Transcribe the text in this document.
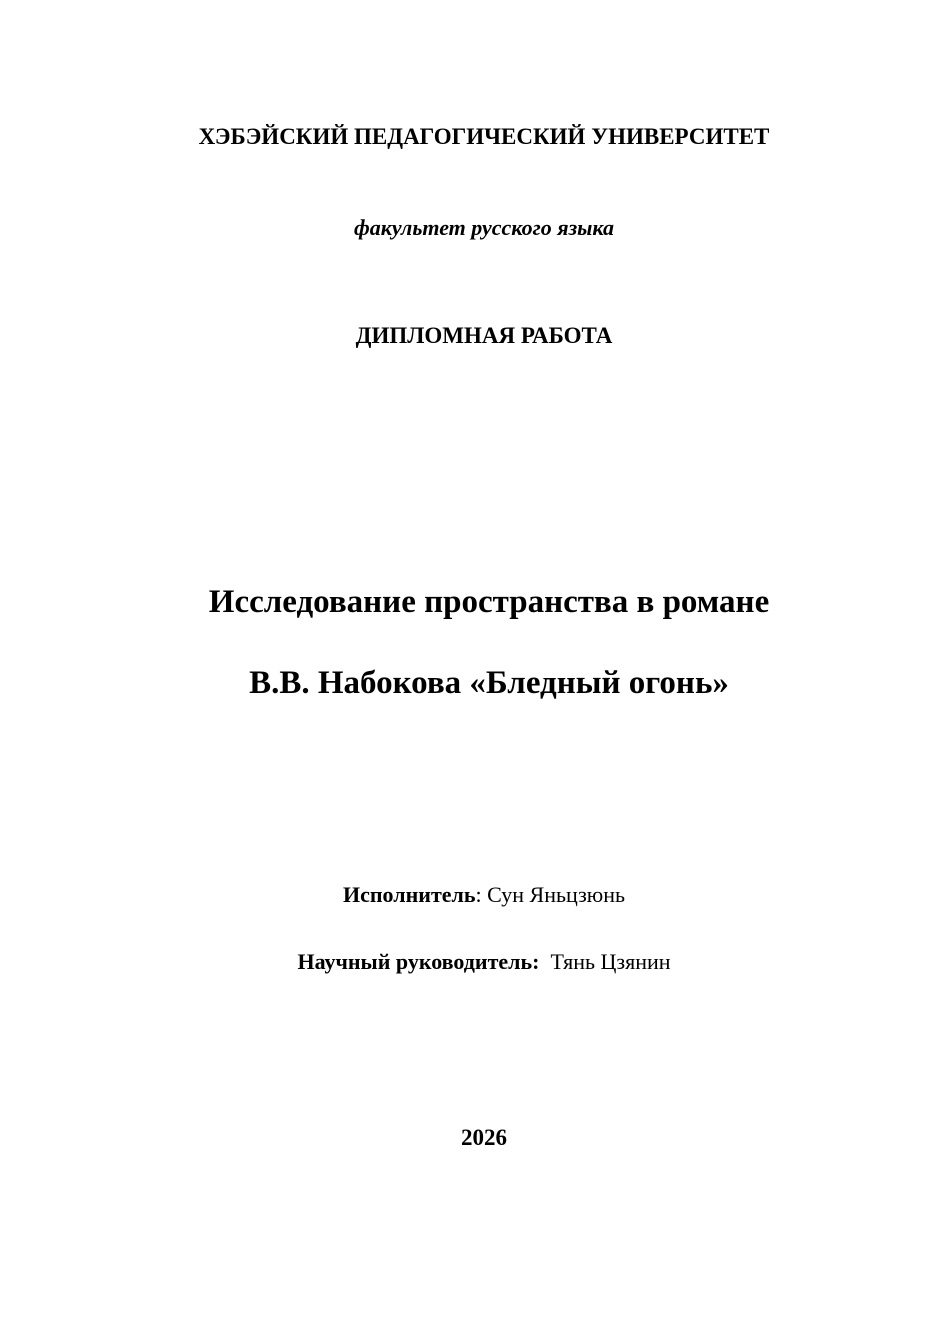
ХЭБЭЙСКИЙ ПЕДАГОГИЧЕСКИЙ УНИВЕРСИТЕТ
факультет русского языка
ДИПЛОМНАЯ РАБОТА
Исследование пространства в романе
В.В. Набокова «Бледный огонь»
Исполнитель: Сун Яньцзюнь
Научный руководитель: Тянь Цзянин
2026
